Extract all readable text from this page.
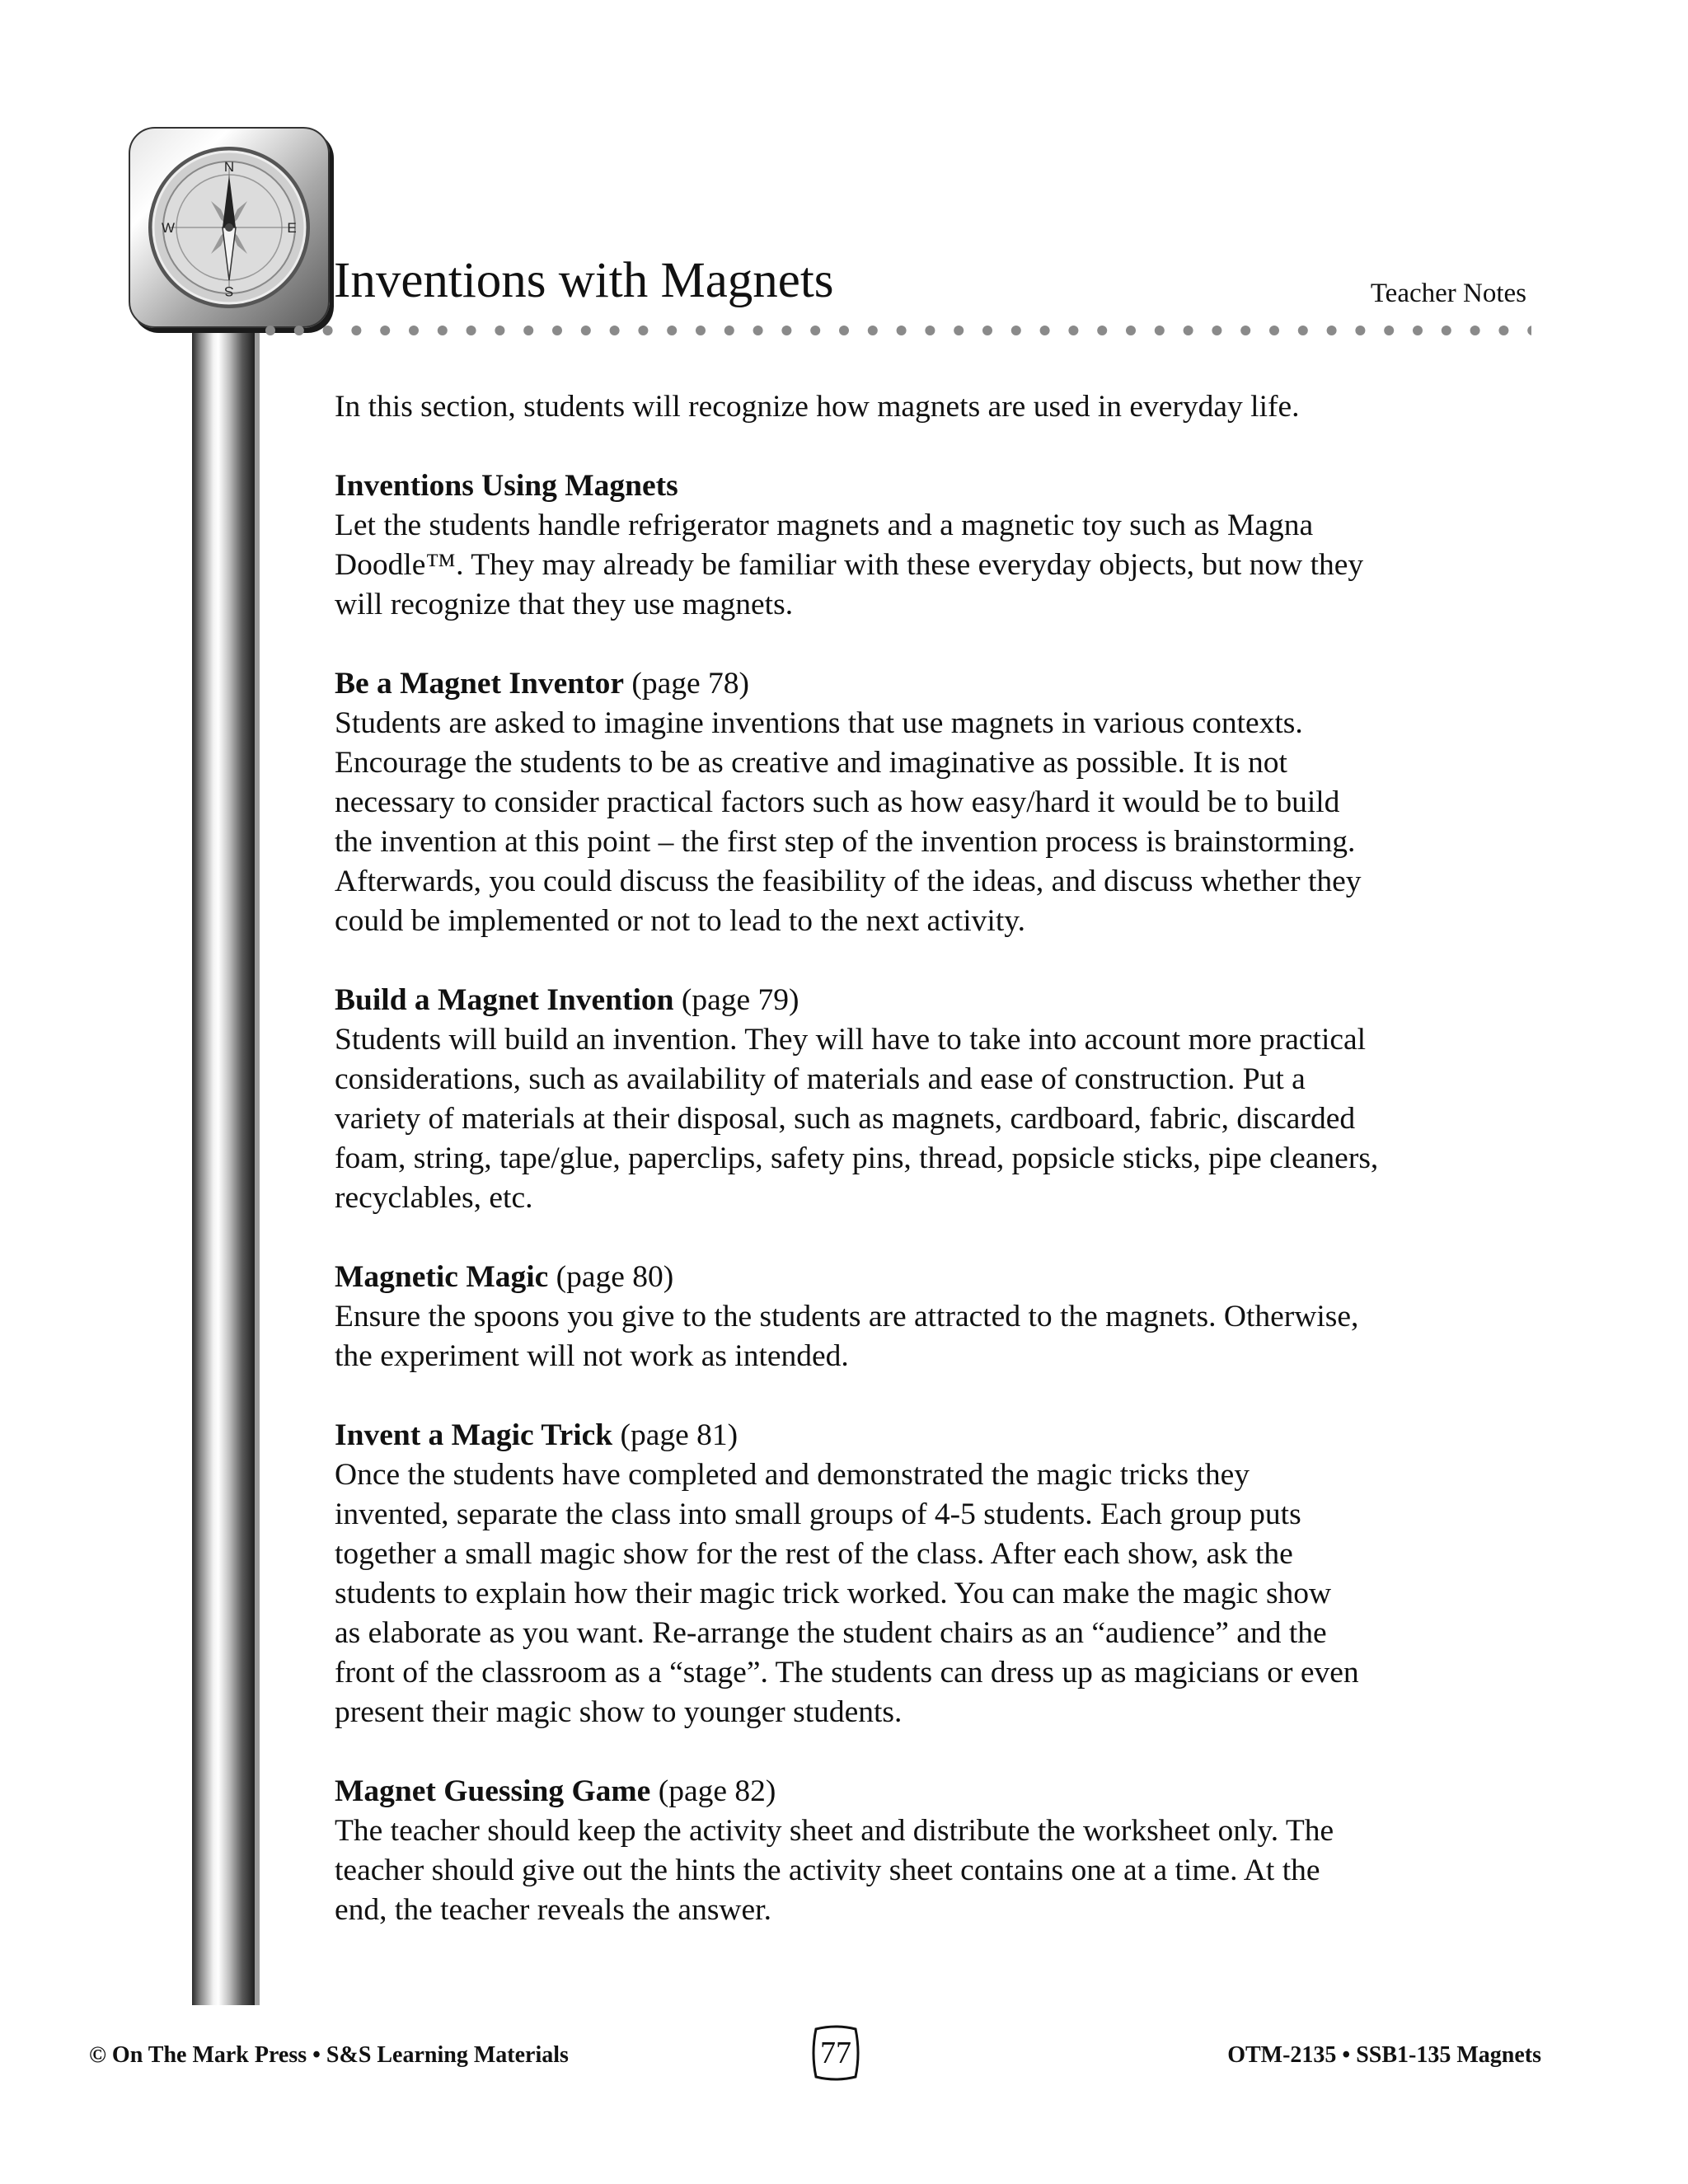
N
S
E
W
Inventions with Magnets	Teacher Notes

In this section, students will recognize how magnets are used in everyday life.

Inventions Using Magnets

Let the students handle refrigerator magnets and a magnetic toy such as Magna

Doodle™. They may already be familiar with these everyday objects, but now they

will recognize that they use magnets.

Be a Magnet Inventor (page 78)

Students are asked to imagine inventions that use magnets in various contexts.

Encourage the students to be as creative and imaginative as possible. It is not

necessary to consider practical factors such as how easy/hard it would be to build

the invention at this point – the first step of the invention process is brainstorming.

Afterwards, you could discuss the feasibility of the ideas, and discuss whether they

could be implemented or not to lead to the next activity.

Build a Magnet Invention (page 79)

Students will build an invention. They will have to take into account more practical

considerations, such as availability of materials and ease of construction. Put a

variety of materials at their disposal, such as magnets, cardboard, fabric, discarded

foam, string, tape/glue, paperclips, safety pins, thread, popsicle sticks, pipe cleaners,

recyclables, etc.

Magnetic Magic (page 80)

Ensure the spoons you give to the students are attracted to the magnets. Otherwise,

the experiment will not work as intended.

Invent a Magic Trick (page 81)

Once the students have completed and demonstrated the magic tricks they

invented, separate the class into small groups of 4-5 students. Each group puts

together a small magic show for the rest of the class. After each show, ask the

students to explain how their magic trick worked. You can make the magic show

as elaborate as you want. Re-arrange the student chairs as an “audience” and the

front of the classroom as a “stage”. The students can dress up as magicians or even

present their magic show to younger students.

Magnet Guessing Game (page 82)

The teacher should keep the activity sheet and distribute the worksheet only. The

teacher should give out the hints the activity sheet contains one at a time. At the

end, the teacher reveals the answer.

© On The Mark Press • S&S Learning Materials	77	OTM-2135 • SSB1-135 Magnets
